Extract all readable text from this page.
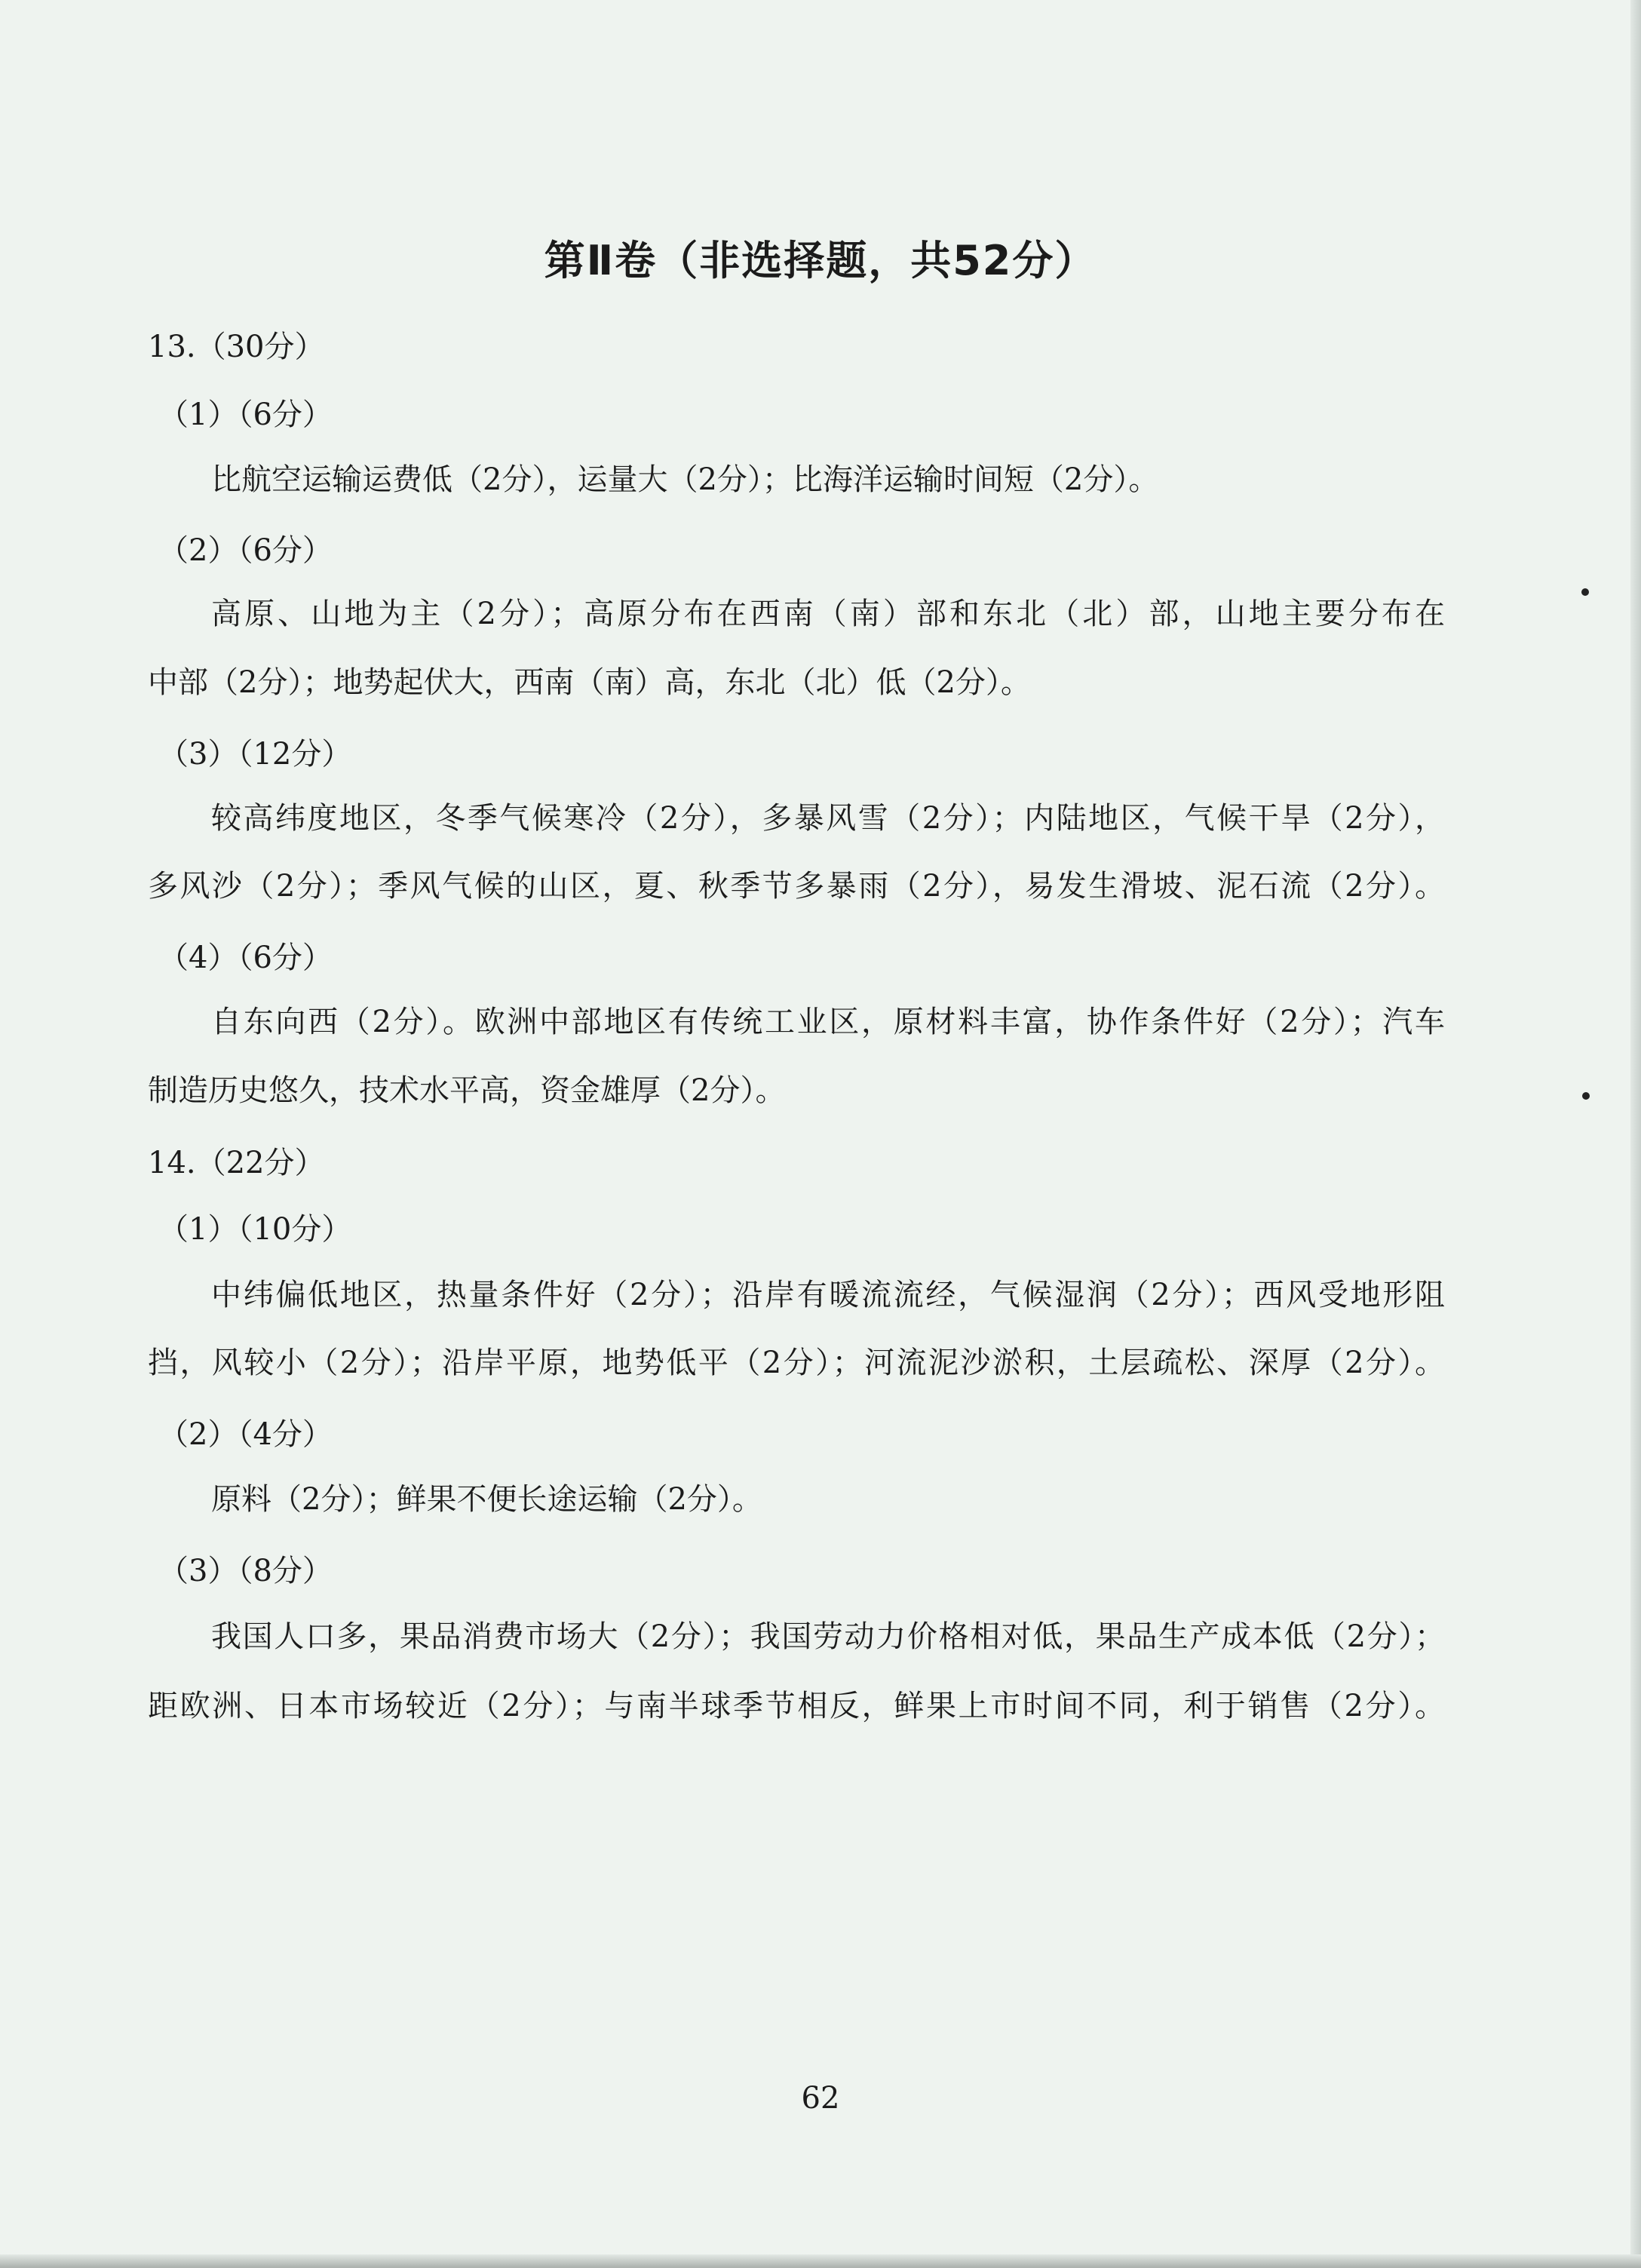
第Ⅱ卷（非选择题，共52分）
13.（30分）
（1）（6分）
比航空运输运费低（2分），运量大（2分）；比海洋运输时间短（2分）。
（2）（6分）
高原、山地为主（2分）；高原分布在西南（南）部和东北（北）部，山地主要分布在
中部（2分）；地势起伏大，西南（南）高，东北（北）低（2分）。
（3）（12分）
较高纬度地区，冬季气候寒冷（2分），多暴风雪（2分）；内陆地区，气候干旱（2分），
多风沙（2分）；季风气候的山区，夏、秋季节多暴雨（2分），易发生滑坡、泥石流（2分）。
（4）（6分）
自东向西（2分）。欧洲中部地区有传统工业区，原材料丰富，协作条件好（2分）；汽车
制造历史悠久，技术水平高，资金雄厚（2分）。
14.（22分）
（1）（10分）
中纬偏低地区，热量条件好（2分）；沿岸有暖流流经，气候湿润（2分）；西风受地形阻
挡，风较小（2分）；沿岸平原，地势低平（2分）；河流泥沙淤积，土层疏松、深厚（2分）。
（2）（4分）
原料（2分）；鲜果不便长途运输（2分）。
（3）（8分）
我国人口多，果品消费市场大（2分）；我国劳动力价格相对低，果品生产成本低（2分）；
距欧洲、日本市场较近（2分）；与南半球季节相反，鲜果上市时间不同，利于销售（2分）。
62
